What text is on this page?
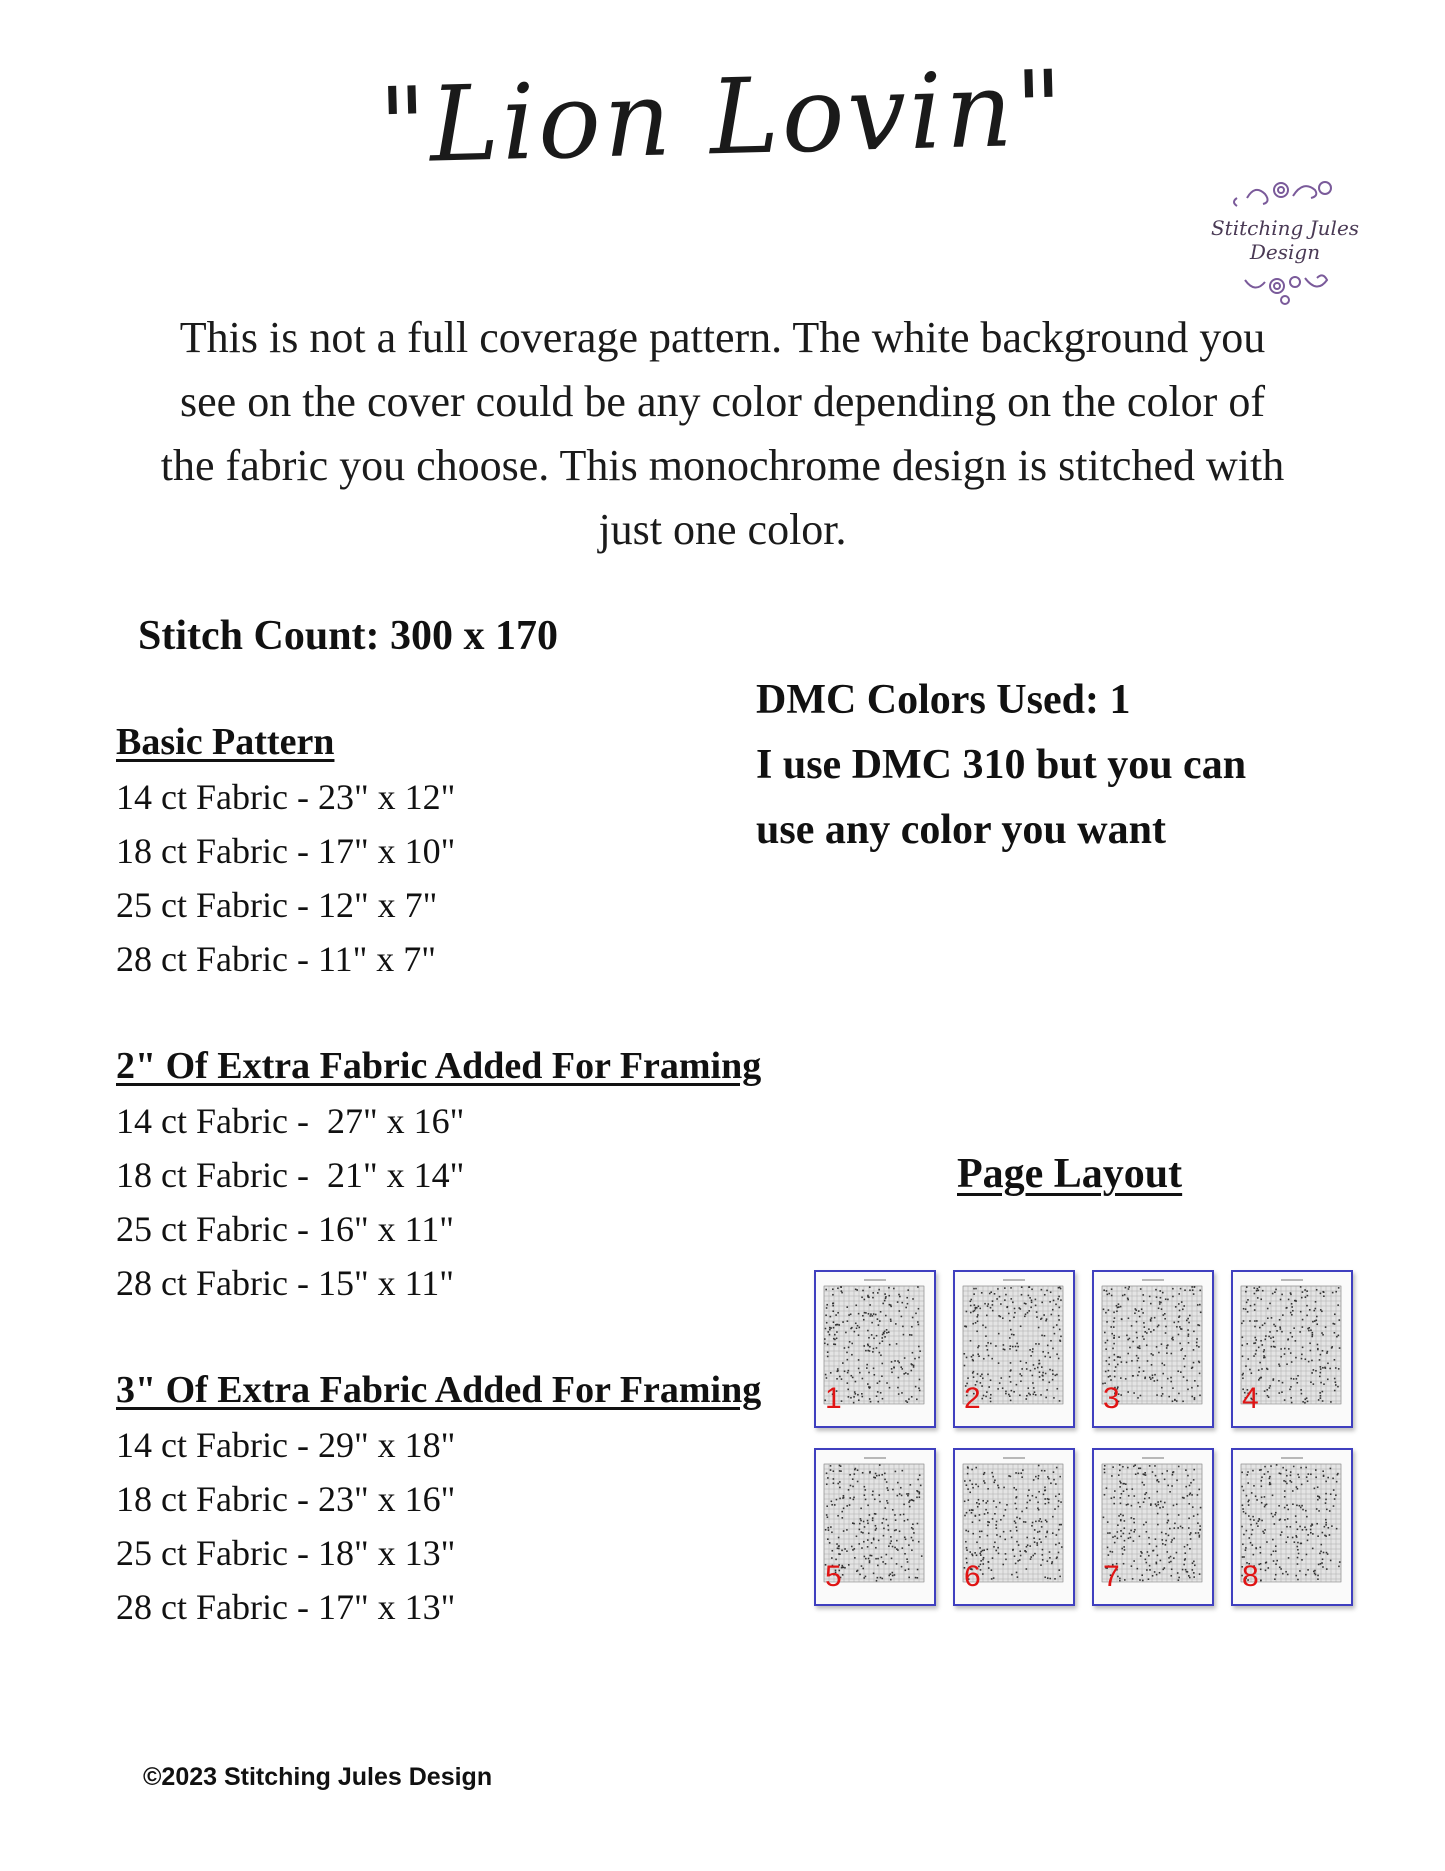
"Lion Lovin"
Stitching Jules Design
This is not a full coverage pattern. The white background you see on the cover could be any color depending on the color of the fabric you choose. This monochrome design is stitched with just one color.
Stitch Count: 300 x 170
DMC Colors Used: 1
I use DMC 310 but you can
use any color you want
Basic Pattern
14 ct Fabric - 23" x 12"
18 ct Fabric - 17" x 10"
25 ct Fabric - 12" x 7"
28 ct Fabric - 11" x 7"
2" Of Extra Fabric Added For Framing
14 ct Fabric -  27" x 16"
18 ct Fabric -  21" x 14"
25 ct Fabric - 16" x 11"
28 ct Fabric - 15" x 11"
3" Of Extra Fabric Added For Framing
14 ct Fabric - 29" x 18"
18 ct Fabric - 23" x 16"
25 ct Fabric - 18" x 13"
28 ct Fabric - 17" x 13"
Page Layout
1	2	3	4
5	6	7	8
©2023 Stitching Jules Design
